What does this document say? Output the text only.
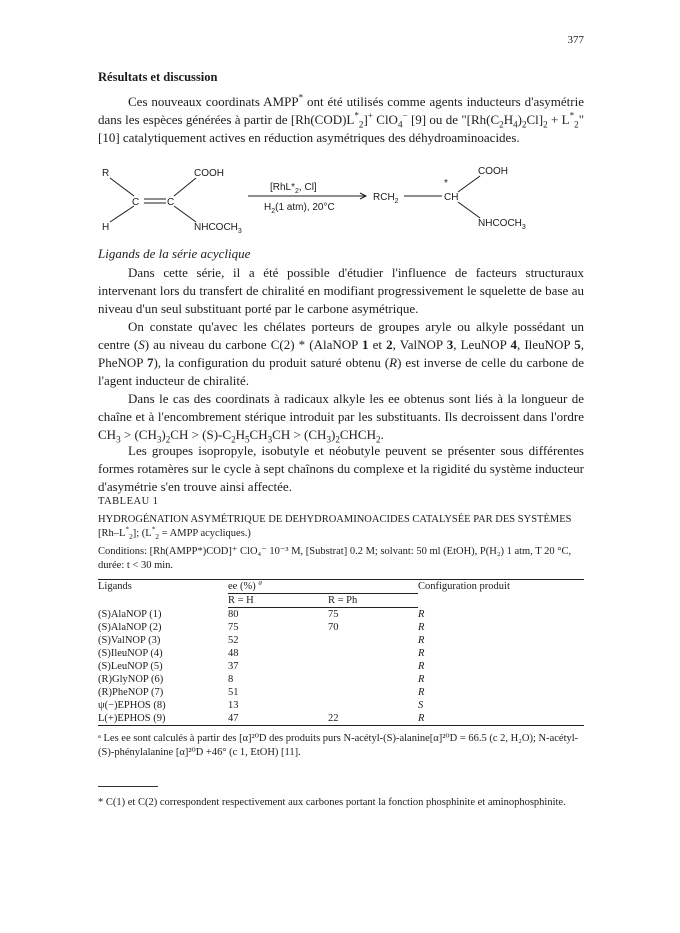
377
Résultats et discussion

Ces nouveaux coordinats AMPP* ont été utilisés comme agents inducteurs d'asymétrie dans les espèces générées à partir de $[Rh(COD)L^*_2]^+$ ClO$_4$− [9] ou de "$[Rh(C_2H_4)_2Cl]_2 + L^*_2$" [10] catalytiquement actives en réduction asymétriques des déhydroaminoacides.

R
H
C	C
COOH
$NHCOCH_3$
[$RhL*_2$, Cl]
$H_2(1$ atm), 20°C
$RCH_2$
*
CH
COOH
$NHCOCH_3$
Ligands de la série acyclique

Dans cette série, il a été possible d'étudier l'influence de facteurs structuraux intervenant lors du transfert de chiralité en modifiant progressivement le squelette de base au niveau d'un seul substituant porté par le carbone asymétrique.

On constate qu'avec les chélates porteurs de groupes aryle ou alkyle possédant un centre (S) au niveau du carbone C(2) * (AlaNOP 1 et 2, ValNOP 3, LeuNOP 4, IleuNOP 5, PheNOP 7), la configuration du produit saturé obtenu (R) est inverse de celle du carbone de l'agent inducteur de chiralité.

Dans le cas des coordinats à radicaux alkyle les ee obtenus sont liés à la longueur de chaîne et à l'encombrement stérique introduit par les substituants. Ils decroissent dans l'ordre $CH_3 > (CH_3)_2CH > (S)-C_2H_5CH_3CH$ > $(CH_3)_2CHCH_2$.

Les groupes isopropyle, isobutyle et néobutyle peuvent se présenter sous différentes formes rotamères sur le cycle à sept chaînons du complexe et la rigidité du système inducteur d'asymétrie s'en trouve ainsi affectée.

TABLEAU 1
HYDROGÉNATION ASYMÉTRIQUE DE DEHYDROAMINOACIDES CATALYSÉE PAR DES SYSTÈMES $[Rh-L^*_2]$; ($L^*_2$ = AMPP acycliques.)
Conditions: [Rh(AMPP*)COD]⁺ ClO₄⁻ 10⁻³ M, [Substrat] 0.2 M; solvant: 50 ml (EtOH), P(H₂) 1 atm, T 20 °C, durée: t < 30 min.
Ligands	ee (%) $^a$		Configuration produit
	R = H	R = Ph	
(S)AlaNOP (1)	80	75	R
(S)AlaNOP (2)	75	70	R
(S)ValNOP (3)	52		R
(S)IleuNOP (4)	48		R
(S)LeuNOP (5)	37		R
(R)GlyNOP (6)	8		R
(R)PheNOP (7)	51		R
ψ(−)EPHOS (8)	13		S
L(+)EPHOS (9)	47	22	R
ᵃ Les ee sont calculés à partir des [α]²⁰D des produits purs N-acétyl-(S)-alanine[α]²⁰D = 66.5 (c 2, H₂O); N-acétyl-(S)-phénylalanine [α]²⁰D +46° (c 1, EtOH) [11].
* C(1) et C(2) correspondent respectivement aux carbones portant la fonction phosphinite et aminophosphinite.
